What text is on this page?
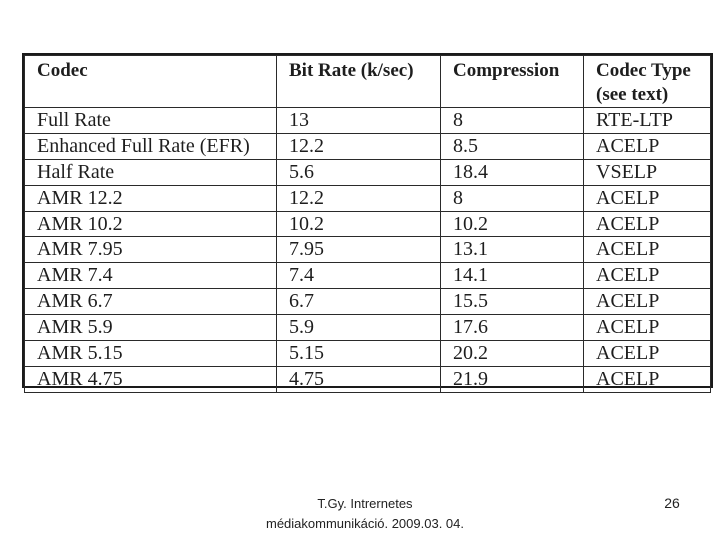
Codec	Bit Rate (k/sec)	Compression	Codec Type (see text)
Full Rate	13	8	RTE-LTP
Enhanced Full Rate (EFR)	12.2	8.5	ACELP
Half Rate	5.6	18.4	VSELP
AMR 12.2	12.2	8	ACELP
AMR 10.2	10.2	10.2	ACELP
AMR 7.95	7.95	13.1	ACELP
AMR 7.4	7.4	14.1	ACELP
AMR 6.7	6.7	15.5	ACELP
AMR 5.9	5.9	17.6	ACELP
AMR 5.15	5.15	20.2	ACELP
AMR 4.75	4.75	21.9	ACELP
T.Gy. Intrernetes
médiakommunikáció. 2009.03. 04.
26
